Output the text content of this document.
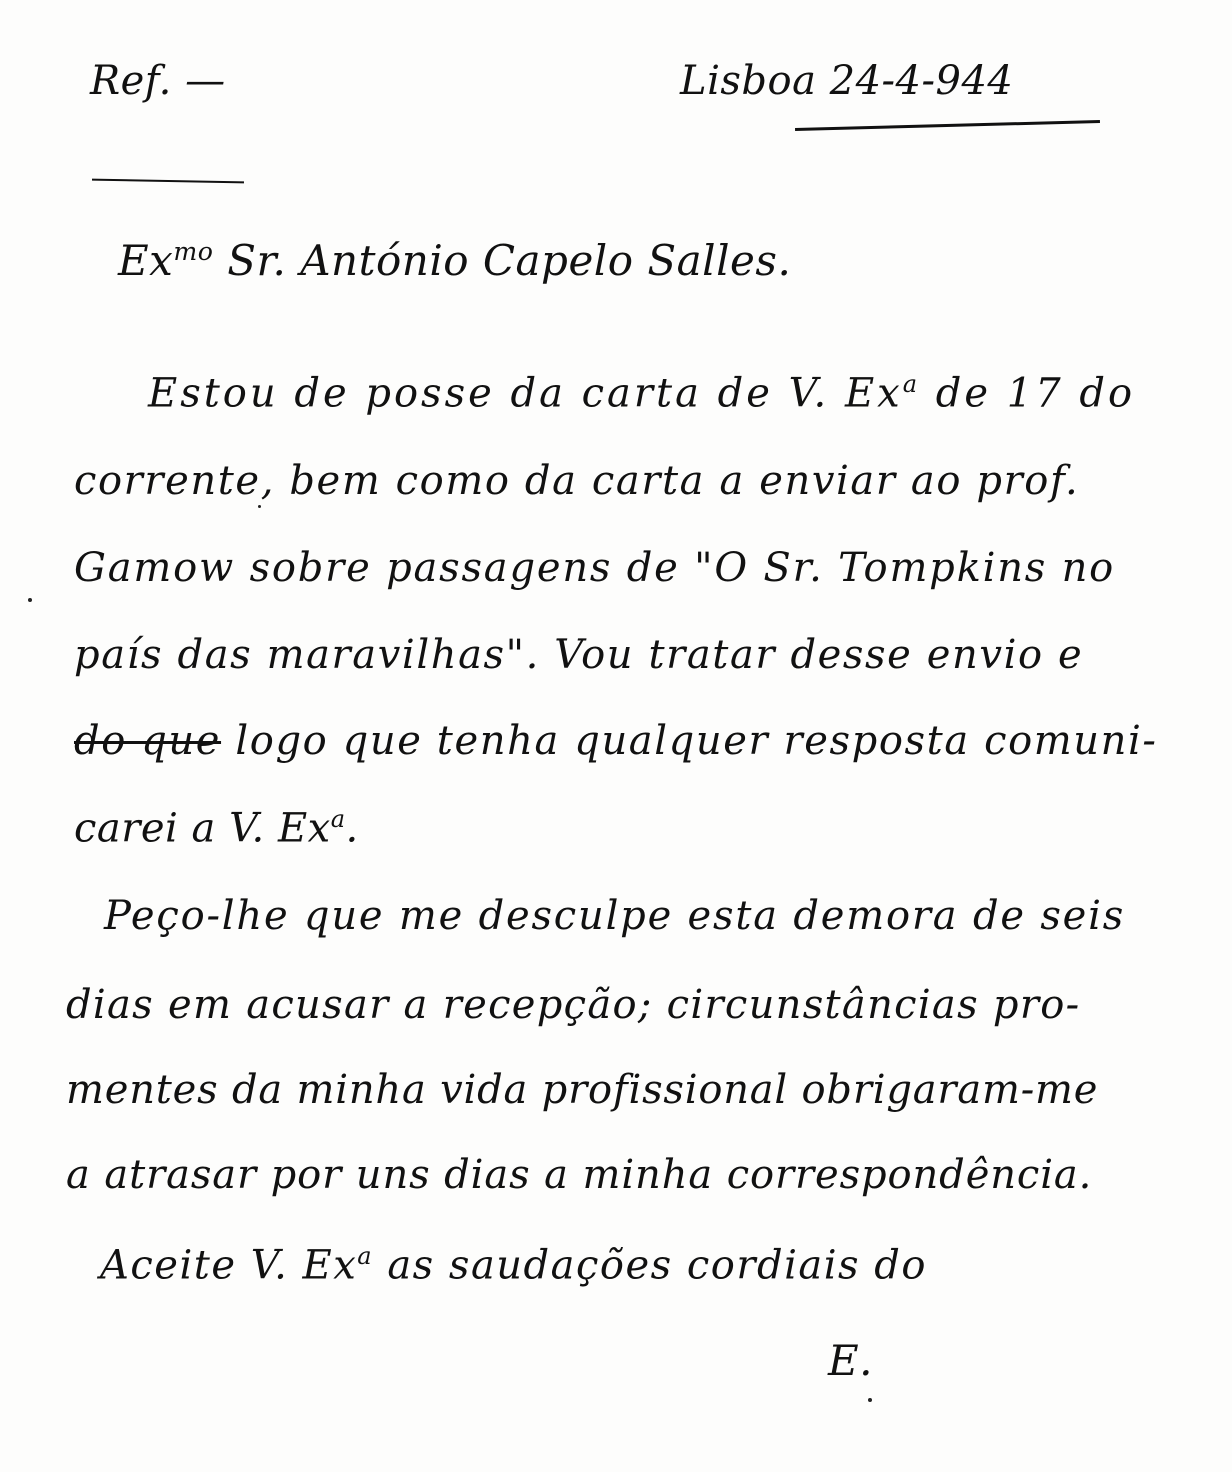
Ref. —	Lisboa 24-4-944
$Ex^{mo}$ Sr. António Capelo Salles.
Estou de posse da carta de V. Ex$^a$ de 17 do
corrente, bem como da carta a enviar ao prof.
Gamow sobre passagens de "O Sr. Tompkins no
país das maravilhas". Vou tratar desse envio e
do que logo que tenha qualquer resposta comuni-
carei a V. Ex$^a$.
Peço-lhe que me desculpe esta demora de seis
dias em acusar a recepção; circunstâncias pro-
mentes da minha vida profissional obrigaram-me
a atrasar por uns dias a minha correspondência.
Aceite V. Ex$^a$ as saudações cordiais do
E.
